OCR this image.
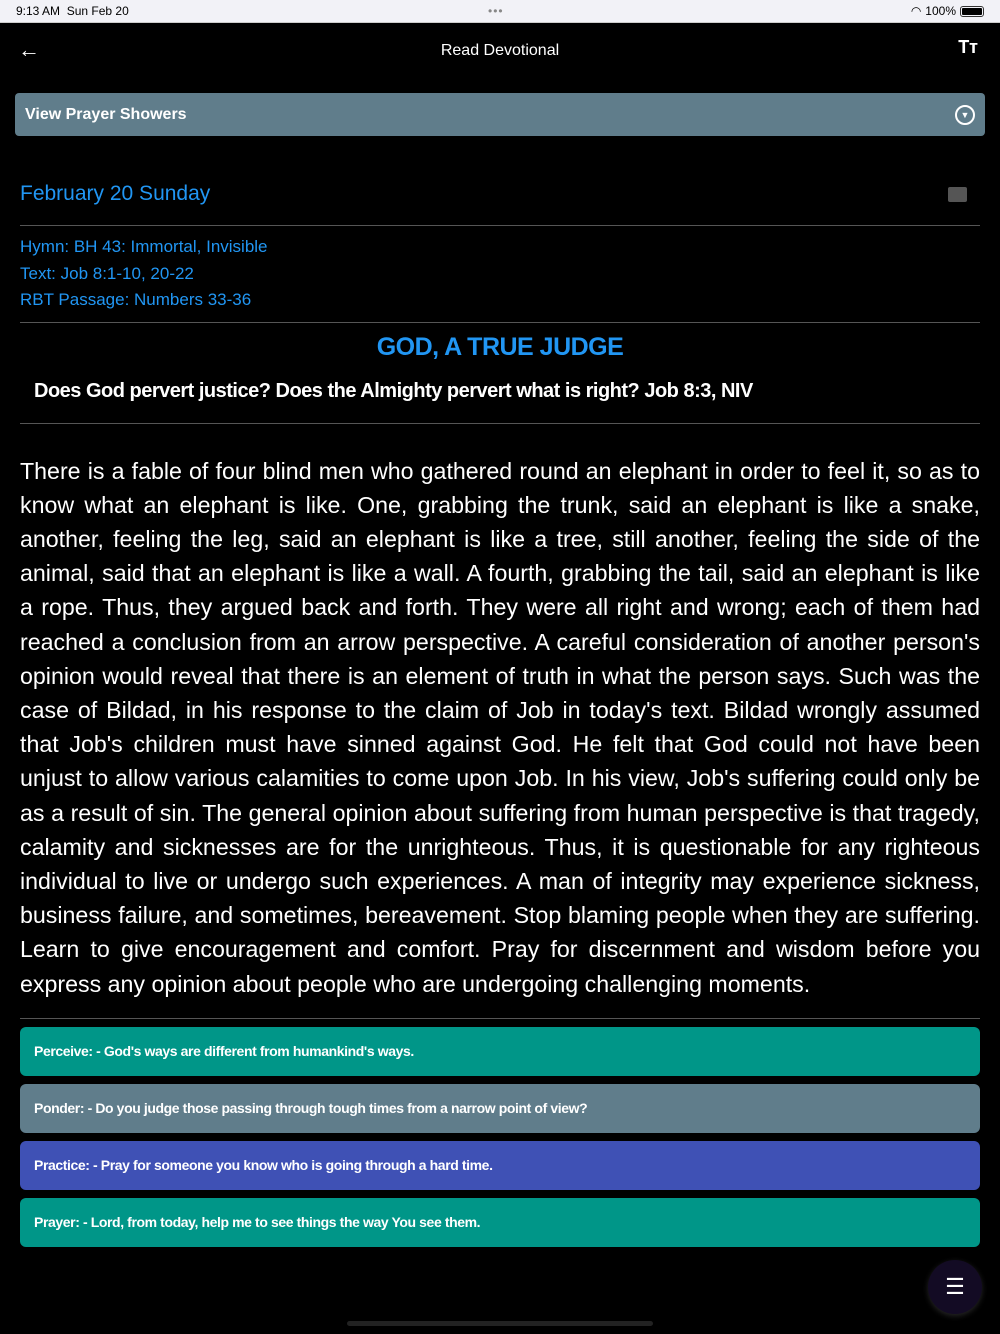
9:13 AM
Sun Feb 20	•••	◠ 100%
←	Read Devotional	Tт
View Prayer Showers	▼
February 20 Sunday
Hymn: BH 43: Immortal, Invisible
Text: Job 8:1-10, 20-22
RBT Passage: Numbers 33-36
GOD, A TRUE JUDGE
Does God pervert justice? Does the Almighty pervert what is right? Job 8:3, NIV
There is a fable of four blind men who gathered round an elephant in order to feel it, so as to know what an elephant is like. One, grabbing the trunk, said an elephant is like a snake, another, feeling the leg, said an elephant is like a tree, still another, feeling the side of the animal, said that an elephant is like a wall. A fourth, grabbing the tail, said an elephant is like a rope. Thus, they argued back and forth. They were all right and wrong; each of them had reached a conclusion from an arrow perspective. A careful consideration of another person's opinion would reveal that there is an element of truth in what the person says. Such was the case of Bildad, in his response to the claim of Job in today's text. Bildad wrongly assumed that Job's children must have sinned against God. He felt that God could not have been unjust to allow various calamities to come upon Job. In his view, Job's suffering could only be as a result of sin. The general opinion about suffering from human perspective is that tragedy, calamity and sicknesses are for the unrighteous. Thus, it is questionable for any righteous individual to live or undergo such experiences. A man of integrity may experience sickness, business failure, and sometimes, bereavement. Stop blaming people when they are suffering. Learn to give encouragement and comfort. Pray for discernment and wisdom before you express any opinion about people who are undergoing challenging moments.
Perceive: - God's ways are different from humankind's ways.
Ponder: - Do you judge those passing through tough times from a narrow point of view?
Practice: - Pray for someone you know who is going through a hard time.
Prayer: - Lord, from today, help me to see things the way You see them.
☰
